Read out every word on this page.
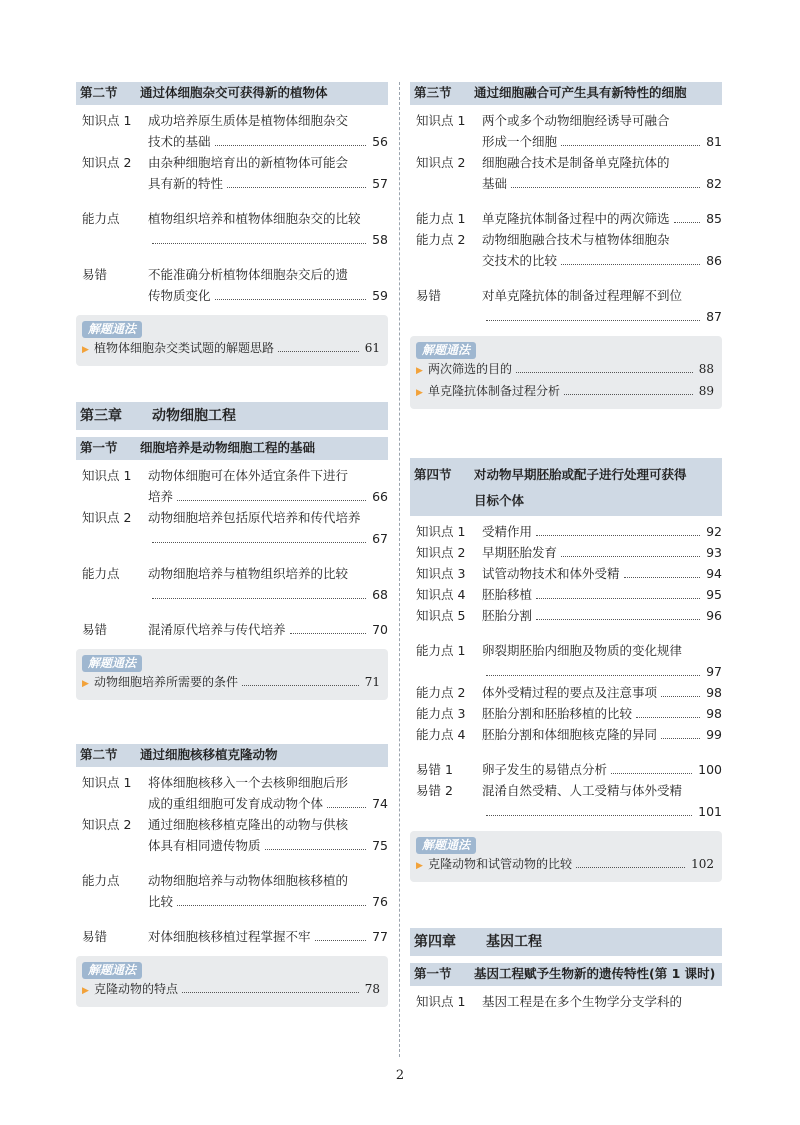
第二节	通过体细胞杂交可获得新的植物体
知识点 1	成功培养原生质体是植物体细胞杂交
技术的基础	56
知识点 2	由杂种细胞培育出的新植物体可能会
具有新的特性	57
能力点	植物组织培养和植物体细胞杂交的比较
58
易错	不能准确分析植物体细胞杂交后的遗
传物质变化	59
解题通法
▶ 植物体细胞杂交类试题的解题思路	61
第三章 动物细胞工程
第一节	细胞培养是动物细胞工程的基础
知识点 1	动物体细胞可在体外适宜条件下进行
培养	66
知识点 2	动物细胞培养包括原代培养和传代培养
67
能力点	动物细胞培养与植物组织培养的比较
68
易错	混淆原代培养与传代培养	70
解题通法
▶ 动物细胞培养所需要的条件	71
第二节	通过细胞核移植克隆动物
知识点 1	将体细胞核移入一个去核卵细胞后形
成的重组细胞可发育成动物个体	74
知识点 2	通过细胞核移植克隆出的动物与供核
体具有相同遗传物质	75
能力点	动物细胞培养与动物体细胞核移植的
比较	76
易错	对体细胞核移植过程掌握不牢	77
解题通法
▶ 克隆动物的特点	78
第三节	通过细胞融合可产生具有新特性的细胞
知识点 1	两个或多个动物细胞经诱导可融合
形成一个细胞	81
知识点 2	细胞融合技术是制备单克隆抗体的
基础	82
能力点 1	单克隆抗体制备过程中的两次筛选	85
能力点 2	动物细胞融合技术与植物体细胞杂
交技术的比较	86
易错	对单克隆抗体的制备过程理解不到位
87
解题通法
▶ 两次筛选的目的	88
▶ 单克隆抗体制备过程分析	89
第四节	对动物早期胚胎或配子进行处理可获得
目标个体
知识点 1	受精作用	92
知识点 2	早期胚胎发育	93
知识点 3	试管动物技术和体外受精	94
知识点 4	胚胎移植	95
知识点 5	胚胎分割	96
能力点 1	卵裂期胚胎内细胞及物质的变化规律
97
能力点 2	体外受精过程的要点及注意事项	98
能力点 3	胚胎分割和胚胎移植的比较	98
能力点 4	胚胎分割和体细胞核克隆的异同	99
易错 1	卵子发生的易错点分析	100
易错 2	混淆自然受精、人工受精与体外受精
101
解题通法
▶ 克隆动物和试管动物的比较	102
第四章 基因工程
第一节	基因工程赋予生物新的遗传特性(第 1 课时)
知识点 1	基因工程是在多个生物学分支学科的
2
